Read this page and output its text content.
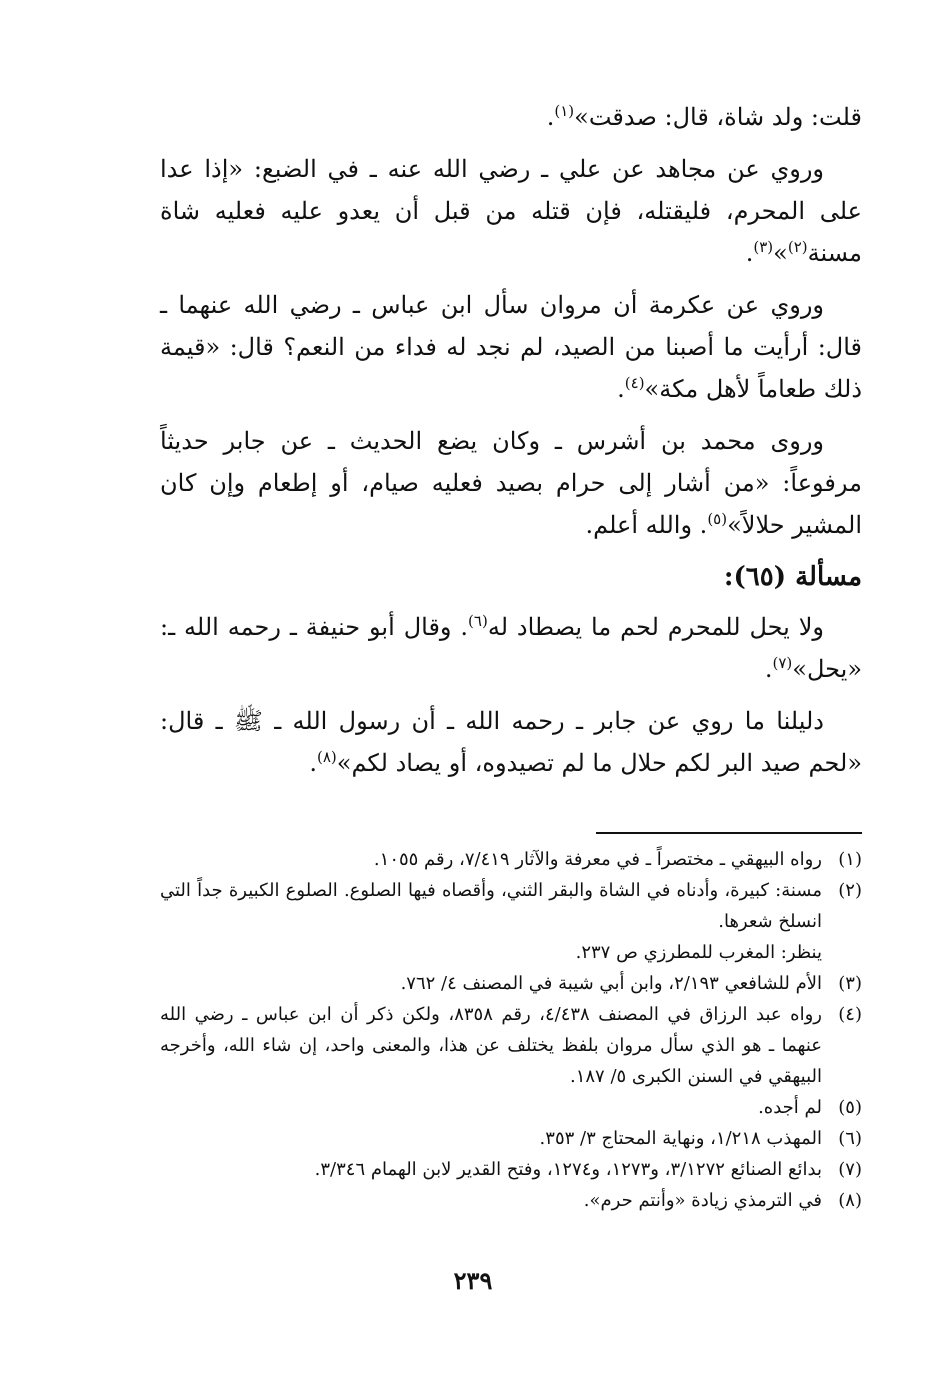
قلت: ولد شاة، قال: صدقت»$^{(١)}$.

وروي عن مجاهد عن علي ـ رضي الله عنه ـ في الضبع: «إذا عدا على المحرم، فليقتله، فإن قتله من قبل أن يعدو عليه فعليه شاة مسنة$^{(٢)}$»$^{(٣)}$.

وروي عن عكرمة أن مروان سأل ابن عباس ـ رضي الله عنهما ـ قال: أرأيت ما أصبنا من الصيد، لم نجد له فداء من النعم؟ قال: «قيمة ذلك طعاماً لأهل مكة»$^{(٤)}$.

وروى محمد بن أشرس ـ وكان يضع الحديث ـ عن جابر حديثاً مرفوعاً: «من أشار إلى حرام بصيد فعليه صيام، أو إطعام وإن كان المشير حلالاً»$^{(٥)}$. والله أعلم.

مسألة (٦٥):

ولا يحل للمحرم لحم ما يصطاد له$^{(٦)}$. وقال أبو حنيفة ـ رحمه الله ـ: «يحل»$^{(٧)}$.

دليلنا ما روي عن جابر ـ رحمه الله ـ أن رسول الله ـ ﷺ ـ قال: «لحم صيد البر لكم حلال ما لم تصيدوه، أو يصاد لكم»$^{(٨)}$.

(١)
رواه البيهقي ـ مختصراً ـ في معرفة والآثار ٧/٤١٩، رقم ١٠٥٥.
(٢)
مسنة: كبيرة، وأدناه في الشاة والبقر الثني، وأقصاه فيها الصلوع. الصلوع الكبيرة جداً التي انسلخ شعرها.
ينظر: المغرب للمطرزي ص ٢٣٧.
(٣)
الأم للشافعي ٢/١٩٣، وابن أبي شيبة في المصنف ٤/ ٧٦٢.
(٤)
رواه عبد الرزاق في المصنف ٤/٤٣٨، رقم ٨٣٥٨، ولكن ذكر أن ابن عباس ـ رضي الله عنهما ـ هو الذي سأل مروان بلفظ يختلف عن هذا، والمعنى واحد، إن شاء الله، وأخرجه البيهقي في السنن الكبرى ٥/ ١٨٧.
(٥)
لم أجده.
(٦)
المهذب ١/٢١٨، ونهاية المحتاج ٣/ ٣٥٣.
(٧)
بدائع الصنائع ٣/١٢٧٢، و١٢٧٣، و١٢٧٤، وفتح القدير لابن الهمام ٣/٣٤٦.
(٨)
في الترمذي زيادة «وأنتم حرم».
٢٣٩
